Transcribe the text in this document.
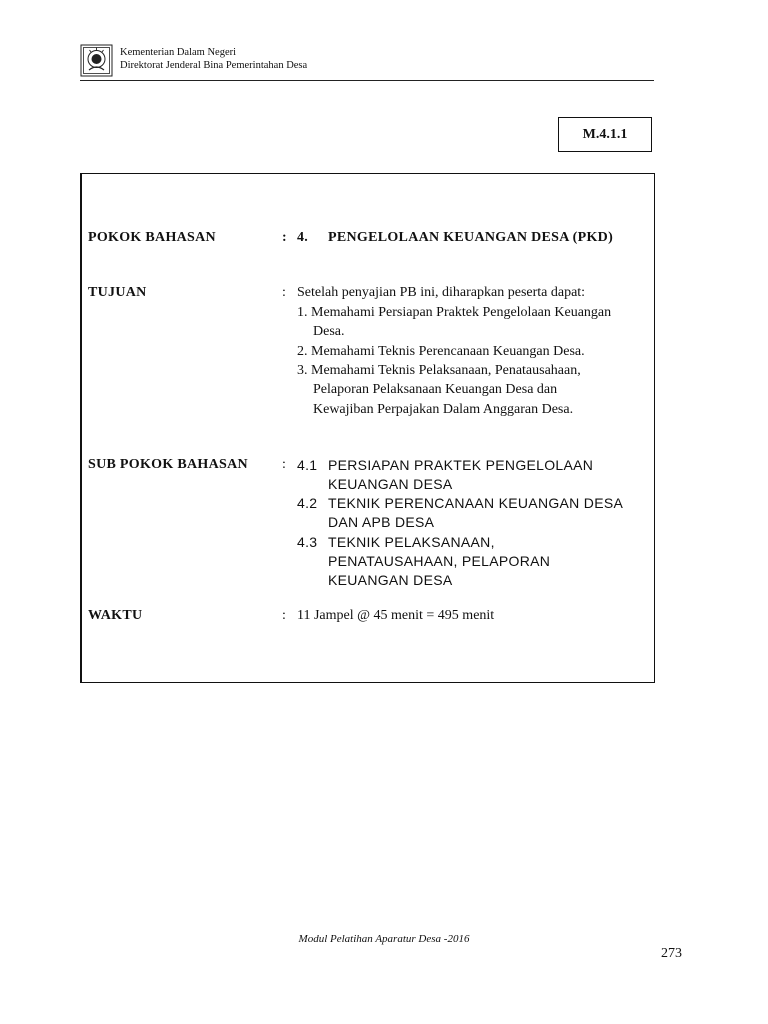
Kementerian Dalam Negeri
Direktorat Jenderal Bina Pemerintahan Desa
M.4.1.1
POKOK BAHASAN	: 4. PENGELOLAAN KEUANGAN DESA (PKD)
TUJUAN	: Setelah penyajian PB ini, diharapkan peserta dapat:
1. Memahami Persiapan Praktek Pengelolaan Keuangan
Desa.
2. Memahami Teknis Perencanaan Keuangan Desa.
3. Memahami Teknis Pelaksanaan, Penatausahaan,
Pelaporan Pelaksanaan Keuangan Desa dan
Kewajiban Perpajakan Dalam Anggaran Desa.
SUB POKOK BAHASAN : 4.1 PERSIAPAN PRAKTEK PENGELOLAAN
KEUANGAN DESA
4.2 TEKNIK PERENCANAAN KEUANGAN DESA
DAN APB DESA
4.3 TEKNIK PELAKSANAAN,
PENATAUSAHAAN, PELAPORAN
KEUANGAN DESA
WAKTU	: 11 Jampel @ 45 menit = 495 menit
Modul Pelatihan Aparatur Desa -2016
273
